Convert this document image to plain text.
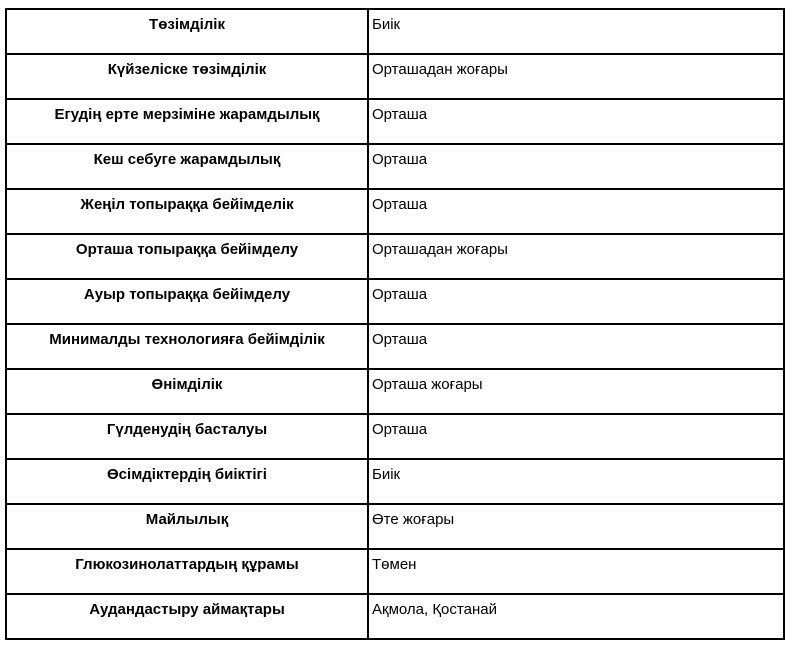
Төзімділік	Биік
Күйзеліске төзімділік	Орташадан жоғары
Егудің ерте мерзіміне жарамдылық	Орташа
Кеш себуге жарамдылық	Орташа
Жеңіл топыраққа бейімделік	Орташа
Орташа топыраққа бейімделу	Орташадан жоғары
Ауыр топыраққа бейімделу	Орташа
Минималды технологияға бейімділік	Орташа
Өнімділік	Орташа жоғары
Гүлденудің басталуы	Орташа
Өсімдіктердің биіктігі	Биік
Майлылық	Өте жоғары
Глюкозинолаттардың құрамы	Төмен
Аудандастыру аймақтары	Ақмола, Қостанай
